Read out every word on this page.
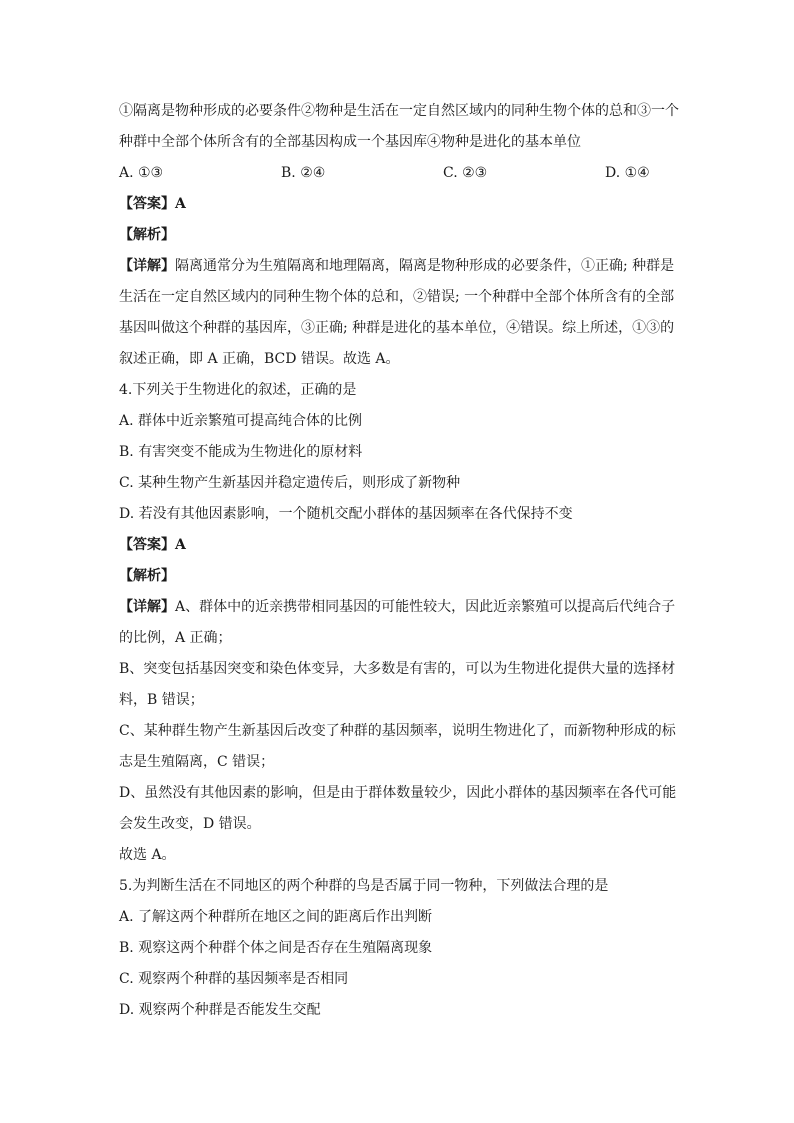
①隔离是物种形成的必要条件②物种是生活在一定自然区域内的同种生物个体的总和③一个
种群中全部个体所含有的全部基因构成一个基因库④物种是进化的基本单位
A. ①③	B. ②④	C. ②③	D. ①④
【答案】A
【解析】
【详解】隔离通常分为生殖隔离和地理隔离，隔离是物种形成的必要条件，①正确; 种群是
生活在一定自然区域内的同种生物个体的总和，②错误; 一个种群中全部个体所含有的全部
基因叫做这个种群的基因库，③正确; 种群是进化的基本单位，④错误。综上所述，①③的
叙述正确，即 A 正确，BCD 错误。故选 A。
4.下列关于生物进化的叙述，正确的是
A. 群体中近亲繁殖可提高纯合体的比例
B. 有害突变不能成为生物进化的原材料
C. 某种生物产生新基因并稳定遗传后，则形成了新物种
D. 若没有其他因素影响，一个随机交配小群体的基因频率在各代保持不变
【答案】A
【解析】
【详解】A、群体中的近亲携带相同基因的可能性较大，因此近亲繁殖可以提高后代纯合子
的比例，A 正确；
B、突变包括基因突变和染色体变异，大多数是有害的，可以为生物进化提供大量的选择材
料，B 错误；
C、某种群生物产生新基因后改变了种群的基因频率，说明生物进化了，而新物种形成的标
志是生殖隔离，C 错误；
D、虽然没有其他因素的影响，但是由于群体数量较少，因此小群体的基因频率在各代可能
会发生改变，D 错误。
故选 A。
5.为判断生活在不同地区的两个种群的鸟是否属于同一物种，下列做法合理的是
A. 了解这两个种群所在地区之间的距离后作出判断
B. 观察这两个种群个体之间是否存在生殖隔离现象
C. 观察两个种群的基因频率是否相同
D. 观察两个种群是否能发生交配
